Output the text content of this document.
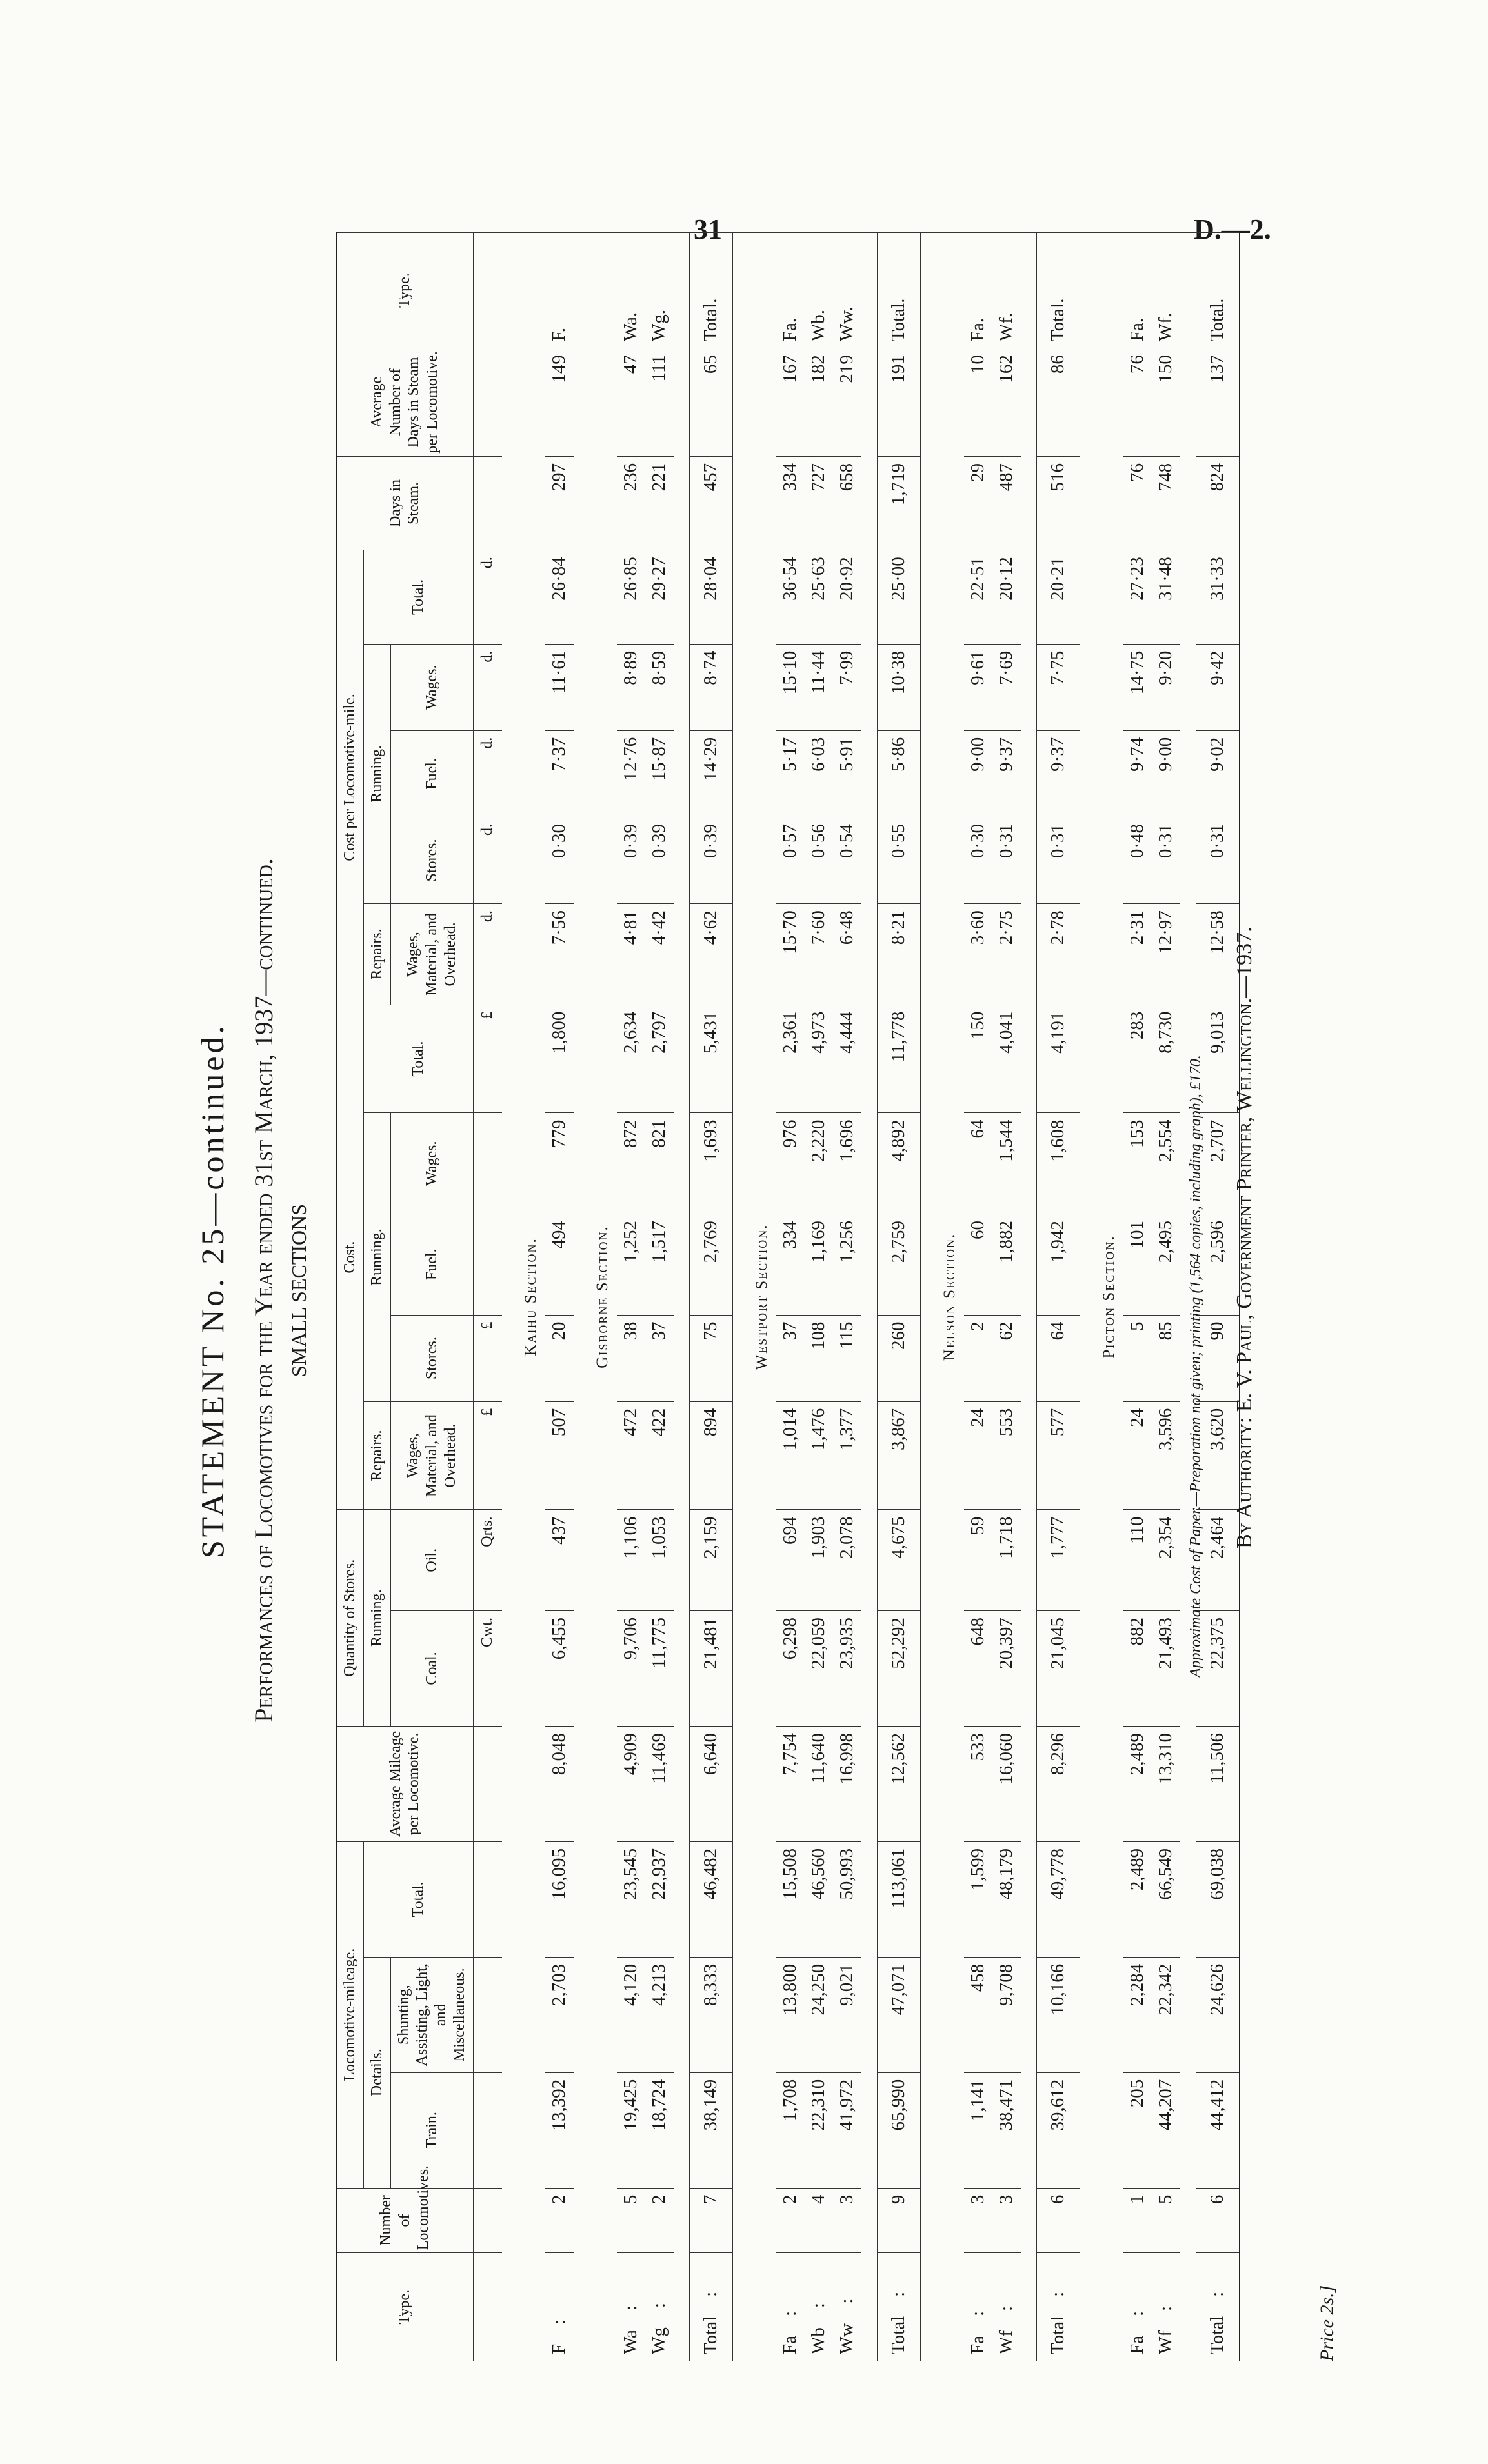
31	D.—2.
STATEMENT No. 25—continued. Performances of Locomotives for the Year ended 31st March, 1937—continued. SMALL SECTIONS
Type.	Number of Locomotives.	Locomotive-mileage.			Average Mileage per Locomotive.	Quantity of Stores.		Cost.					Cost per Locomotive-mile.					Days in Steam.	Average Number of Days in Steam per Locomotive.	Type.
		Details.		Total.		Running.		Repairs.	Running.			Total.	Repairs.	Running.			Total.			
		Train.	Shunting, Assisting, Light, and Miscellaneous.			Coal.	Oil.	Wages, Material, and Overhead.	Stores.	Fuel.	Wages.		Wages, Material, and Overhead.	Stores.	Fuel.	Wages.				
						Cwt.	Qrts.	£	£			£	d.	d.	d.	d.	d.			
Kaihu Section.																				
F:	2	13,392	2,703	16,095	8,048	6,455	437	507	20	494	779	1,800	7·56	0·30	7·37	11·61	26·84	297	149	F.
Gisborne Section.																				
Wa:	5	19,425	4,120	23,545	4,909	9,706	1,106	472	38	1,252	872	2,634	4·81	0·39	12·76	8·89	26·85	236	47	Wa.
Wg:	2	18,724	4,213	22,937	11,469	11,775	1,053	422	37	1,517	821	2,797	4·42	0·39	15·87	8·59	29·27	221	111	Wg.

Total:	7	38,149	8,333	46,482	6,640	21,481	2,159	894	75	2,769	1,693	5,431	4·62	0·39	14·29	8·74	28·04	457	65	Total.
Westport Section.																				
Fa:	2	1,708	13,800	15,508	7,754	6,298	694	1,014	37	334	976	2,361	15·70	0·57	5·17	15·10	36·54	334	167	Fa.
Wb:	4	22,310	24,250	46,560	11,640	22,059	1,903	1,476	108	1,169	2,220	4,973	7·60	0·56	6·03	11·44	25·63	727	182	Wb.
Ww:	3	41,972	9,021	50,993	16,998	23,935	2,078	1,377	115	1,256	1,696	4,444	6·48	0·54	5·91	7·99	20·92	658	219	Ww.

Total:	9	65,990	47,071	113,061	12,562	52,292	4,675	3,867	260	2,759	4,892	11,778	8·21	0·55	5·86	10·38	25·00	1,719	191	Total.
Nelson Section.																				
Fa:	3	1,141	458	1,599	533	648	59	24	2	60	64	150	3·60	0·30	9·00	9·61	22·51	29	10	Fa.
Wf:	3	38,471	9,708	48,179	16,060	20,397	1,718	553	62	1,882	1,544	4,041	2·75	0·31	9·37	7·69	20·12	487	162	Wf.

Total:	6	39,612	10,166	49,778	8,296	21,045	1,777	577	64	1,942	1,608	4,191	2·78	0·31	9·37	7·75	20·21	516	86	Total.
Picton Section.																				
Fa:	1	205	2,284	2,489	2,489	882	110	24	5	101	153	283	2·31	0·48	9·74	14·75	27·23	76	76	Fa.
Wf:	5	44,207	22,342	66,549	13,310	21,493	2,354	3,596	85	2,495	2,554	8,730	12·97	0·31	9·00	9·20	31·48	748	150	Wf.

Total:	6	44,412	24,626	69,038	11,506	22,375	2,464	3,620	90	2,596	2,707	9,013	12·58	0·31	9·02	9·42	31·33	824	137	Total.
Approximate Cost of Paper.—Preparation not given; printing (1,564 copies, including graph), £170. By Authority: E. V. Paul, Government Printer, Wellington.—1937.
Price 2s.]
